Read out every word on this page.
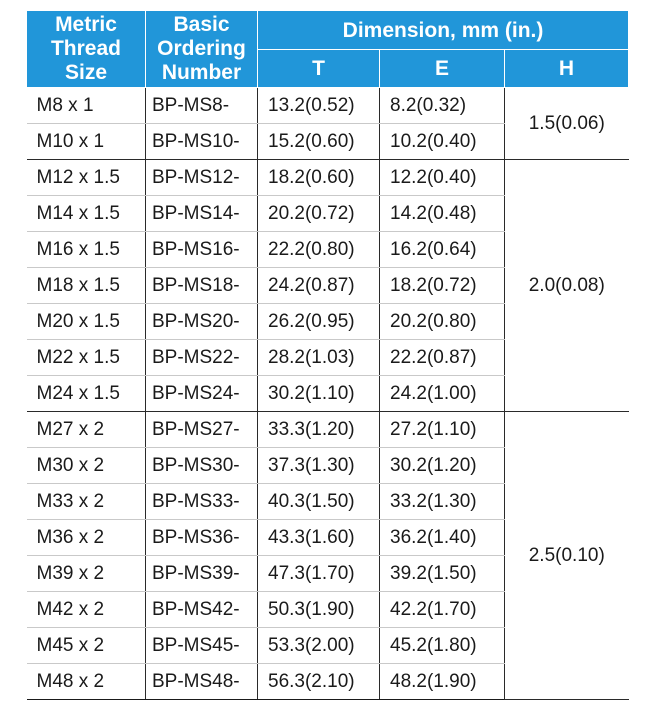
Metric
Thread
Size	Basic
Ordering
Number	Dimension, mm (in.)		
		T	E	H
M8 x 1	BP-MS8-	13.2(0.52)	8.2(0.32)	1.5(0.06)
M10 x 1	BP-MS10-	15.2(0.60)	10.2(0.40)	
M12 x 1.5	BP-MS12-	18.2(0.60)	12.2(0.40)	2.0(0.08)
M14 x 1.5	BP-MS14-	20.2(0.72)	14.2(0.48)	
M16 x 1.5	BP-MS16-	22.2(0.80)	16.2(0.64)	
M18 x 1.5	BP-MS18-	24.2(0.87)	18.2(0.72)	
M20 x 1.5	BP-MS20-	26.2(0.95)	20.2(0.80)	
M22 x 1.5	BP-MS22-	28.2(1.03)	22.2(0.87)	
M24 x 1.5	BP-MS24-	30.2(1.10)	24.2(1.00)	
M27 x 2	BP-MS27-	33.3(1.20)	27.2(1.10)	2.5(0.10)
M30 x 2	BP-MS30-	37.3(1.30)	30.2(1.20)	
M33 x 2	BP-MS33-	40.3(1.50)	33.2(1.30)	
M36 x 2	BP-MS36-	43.3(1.60)	36.2(1.40)	
M39 x 2	BP-MS39-	47.3(1.70)	39.2(1.50)	
M42 x 2	BP-MS42-	50.3(1.90)	42.2(1.70)	
M45 x 2	BP-MS45-	53.3(2.00)	45.2(1.80)	
M48 x 2	BP-MS48-	56.3(2.10)	48.2(1.90)	
